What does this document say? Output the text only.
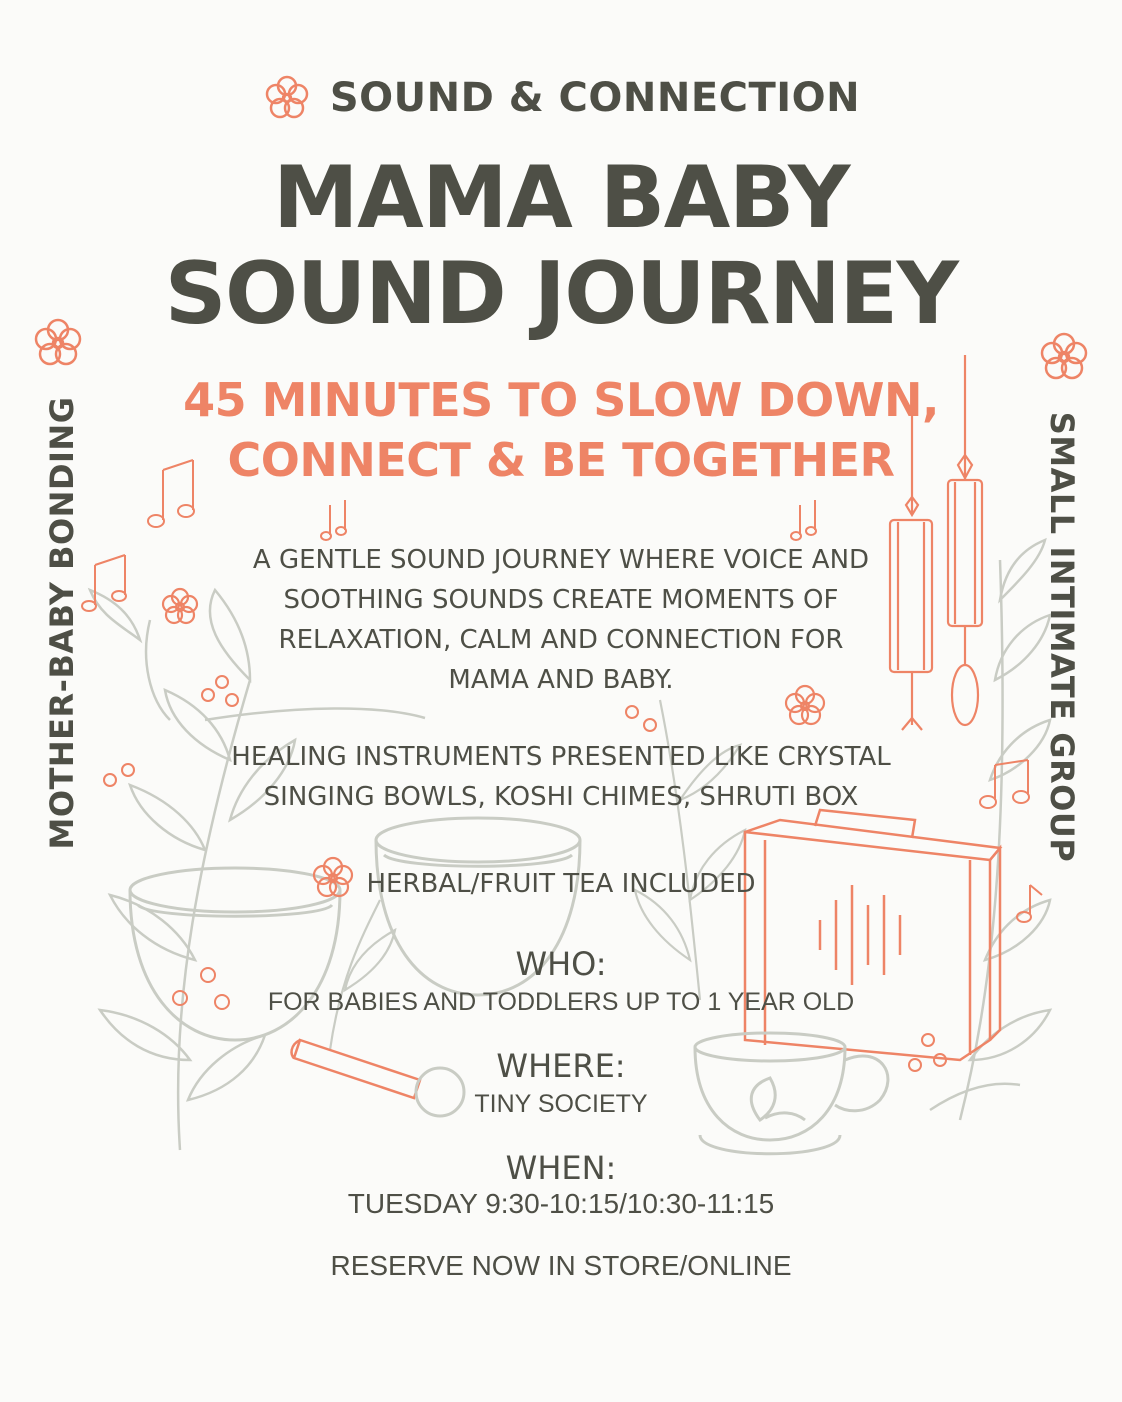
SOUND & CONNECTION
MAMA BABY
SOUND JOURNEY
45 MINUTES TO SLOW DOWN,
CONNECT & BE TOGETHER
MOTHER-BABY BONDING	SMALL INTIMATE GROUP
A GENTLE SOUND JOURNEY WHERE VOICE AND
SOOTHING SOUNDS CREATE MOMENTS OF
RELAXATION, CALM AND CONNECTION FOR
MAMA AND BABY.
HEALING INSTRUMENTS PRESENTED LIKE CRYSTAL
SINGING BOWLS, KOSHI CHIMES, SHRUTI BOX
HERBAL/FRUIT TEA INCLUDED
WHO:
FOR BABIES AND TODDLERS UP TO 1 YEAR OLD
WHERE:
TINY SOCIETY
WHEN:
TUESDAY 9:30-10:15/10:30-11:15
RESERVE NOW IN STORE/ONLINE
